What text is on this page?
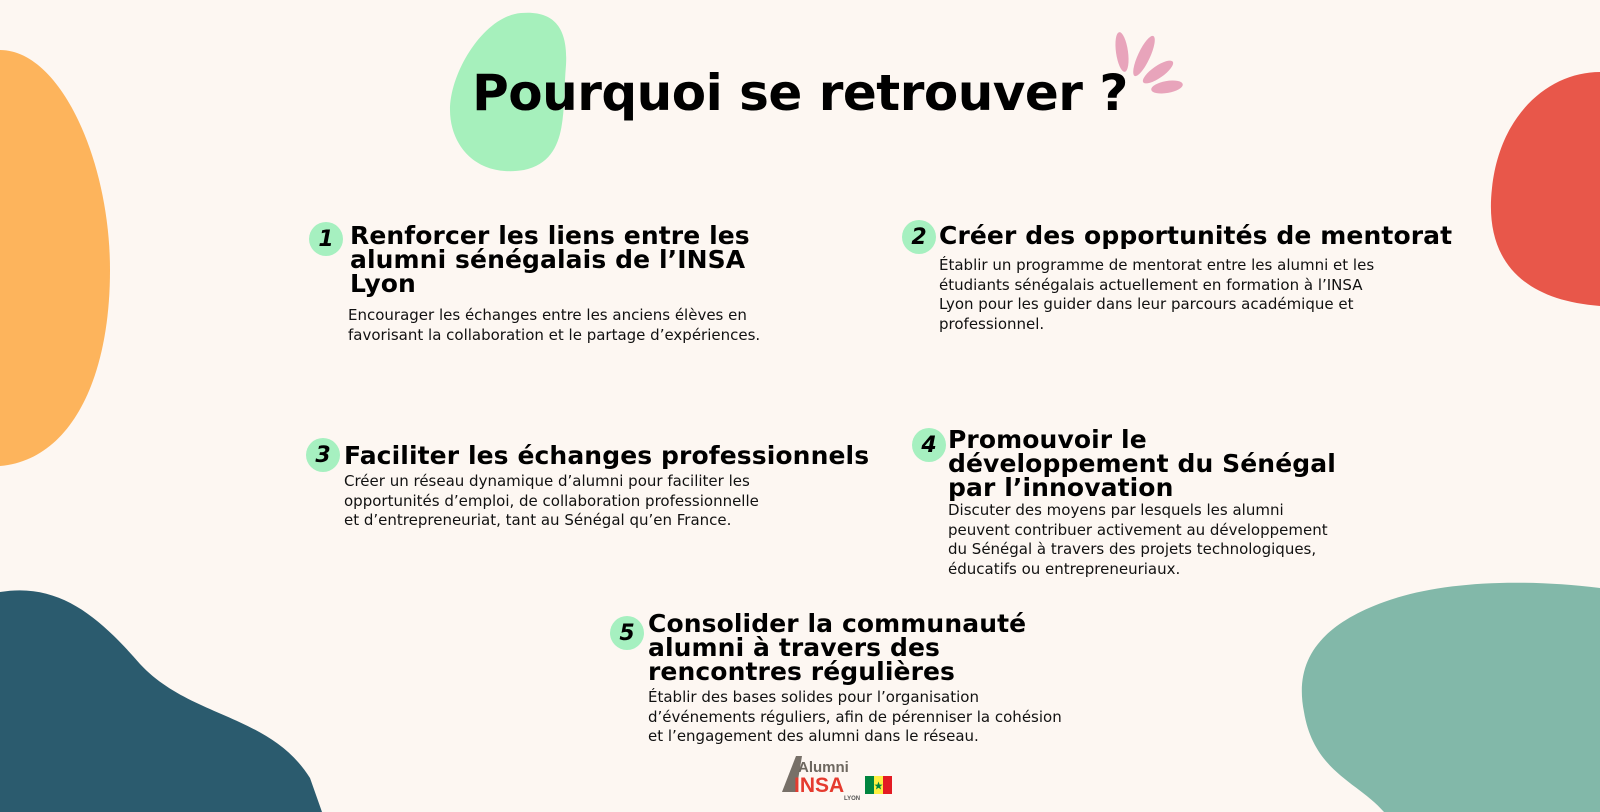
Pourquoi se retrouver ?
1 Renforcer les liens entre les alumni sénégalais de l’INSA Lyon

Encourager les échanges entre les anciens élèves en favorisant la collaboration et le partage d’expériences.

2 Créer des opportunités de mentorat

Établir un programme de mentorat entre les alumni et les étudiants sénégalais actuellement en formation à l’INSA Lyon pour les guider dans leur parcours académique et professionnel.

3 Faciliter les échanges professionnels

Créer un réseau dynamique d’alumni pour faciliter les opportunités d’emploi, de collaboration professionnelle et d’entrepreneuriat, tant au Sénégal qu’en France.

4 Promouvoir le développement du Sénégal par l’innovation

Discuter des moyens par lesquels les alumni peuvent contribuer activement au développement du Sénégal à travers des projets technologiques, éducatifs ou entrepreneuriaux.

5 Consolider la communauté alumni à travers des rencontres régulières

Établir des bases solides pour l’organisation d’événements réguliers, afin de pérenniser la cohésion et l’engagement des alumni dans le réseau.

Alumni
INSA
LYON
